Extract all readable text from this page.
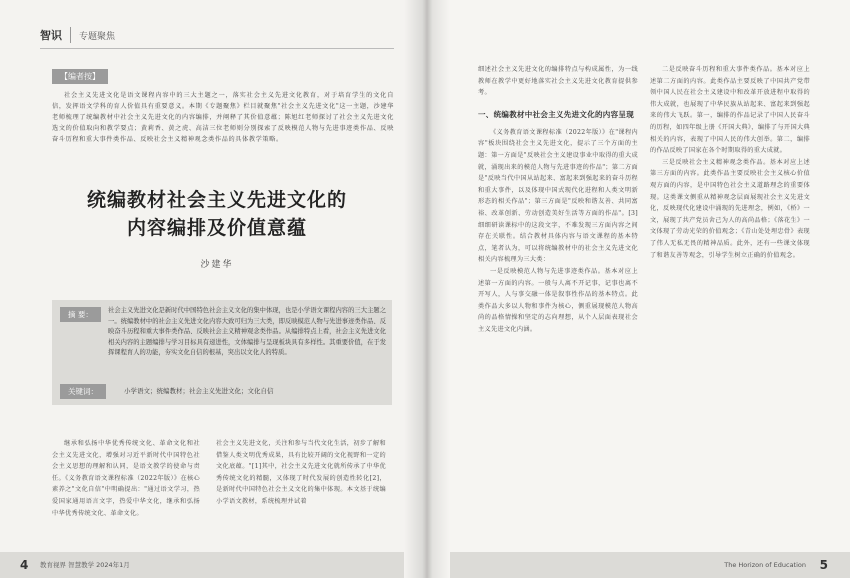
智识	专题聚焦
【编者按】
社会主义先进文化是语文课程内容中的三大主题之一，落实社会主义先进文化教育，对于培育学生的文化自信，发挥语文学科的育人价值具有重要意义。本期《专题聚焦》栏目就聚焦"社会主义先进文化"这一主题，沙建华老师梳理了统编教材中社会主义先进文化的内容编排，并阐释了其价值意蕴；陈旭红老师探讨了社会主义先进文化选文的价值取向和教学要点；黄莉香、黄之虎、高洁三位老师则分别探索了反映模范人物与先进事迹类作品、反映奋斗历程和重大事件类作品、反映社会主义精神观念类作品的具体教学策略。
统编教材社会主义先进文化的
内容编排及价值意蕴
沙建华
摘 要：	社会主义先进文化是新时代中国特色社会主义文化的集中体现，也是小学语文课程内容的三大主题之一。统编教材中的社会主义先进文化内容大致可归为三大类，即反映模范人物与先进事迹类作品、反映奋斗历程和重大事件类作品、反映社会主义精神观念类作品。从编排特点上看，社会主义先进文化相关内容的主题编排与学习目标具有递进性，文体编排与呈现板块具有多样性。其重要价值，在于发挥课程育人的功能，夯实文化自信的根基，突出以文化人的特质。
关键词：	小学语文；统编教材；社会主义先进文化；文化自信

继承和弘扬中华优秀传统文化、革命文化和社会主义先进文化，增强对习近平新时代中国特色社会主义思想的理解和认同，是语文教学的使命与责任。《义务教育语文课程标准（2022年版）》在核心素养之"文化自信"中明确提出："通过语文学习，热爱国家通用语言文字，热爱中华文化，继承和弘扬中华优秀传统文化、革命文化。

社会主义先进文化，关注和参与当代文化生活，初步了解和借鉴人类文明优秀成果，具有比较开阔的文化视野和一定的文化底蕴。"[1]其中，社会主义先进文化就所传承了中华优秀传统文化的精髓，又体现了时代发展的创造性转化[2]，是新时代中国特色社会主义文化的集中体现。本文基于统编小学语文教材，系统梳理并试着

4 教育视界 智慧教学 2024年1月	5
The Horizon of Education

细述社会主义先进文化的编排特点与构成属性，为一线教师在教学中更好地落实社会主义先进文化教育提供参考。

一、统编教材中社会主义先进文化的内容呈现

《义务教育语文课程标准（2022年版）》在"课程内容"板块围绕社会主义先进文化，提示了三个方面的主题：第一方面是"反映社会主义建设事业中取得的重大成就，涌现出来的模范人物与先进事迹的作品"；第二方面是"反映当代中国从站起来、富起来到强起来的奋斗历程和重大事件，以及体现中国式现代化进程和人类文明新形态的相关作品"；第三方面是"反映和谐友善、共同富裕、改革创新、劳动创造美好生活等方面的作品"。[3]细细研读课标中的这段文字，不难发现三方面内容之间存在关联性。结合教材具体内容与语文课程的基本特点，笔者认为，可以将统编教材中的社会主义先进文化相关内容梳理为三大类：

一是反映模范人物与先进事迹类作品。基本对应上述第一方面的内容。一般与人离不开记事，记事也离不开写人，人与事交融一体是叙事性作品的基本特点。此类作品大多以人物和事件为核心，侧重展现模范人物高尚的品格情操和坚定的志向理想，从个人层面表现社会主义先进文化内涵。

二是反映奋斗历程和重大事件类作品。基本对应上述第二方面的内容。此类作品主要反映了中国共产党带领中国人民在社会主义建设中和改革开放进程中取得的伟大成就，也展现了中华民族从站起来、富起来到强起来的伟大飞跃。第一，编排的作品记录了中国人民奋斗的历程，如四年级上册《开国大典》，编排了与开国大典相关的内容，表现了中国人民的伟大创举。第二，编排的作品反映了国家在各个时期取得的重大成就。

三是反映社会主义精神观念类作品。基本对应上述第三方面的内容。此类作品主要反映社会主义核心价值观方面的内容，是中国特色社会主义道路理念的重要体现。这类课文侧重从精神观念层面展现社会主义先进文化，反映现代化建设中涌现的先进理念，例如，《桥》一文，展现了共产党员舍己为人的高尚品格；《落花生》一文体现了劳动光荣的价值观念；《青山处处埋忠骨》表现了伟人无私无畏的精神品质。此外，还有一些课文体现了和谐友善等观念，引导学生树立正确的价值观念。
